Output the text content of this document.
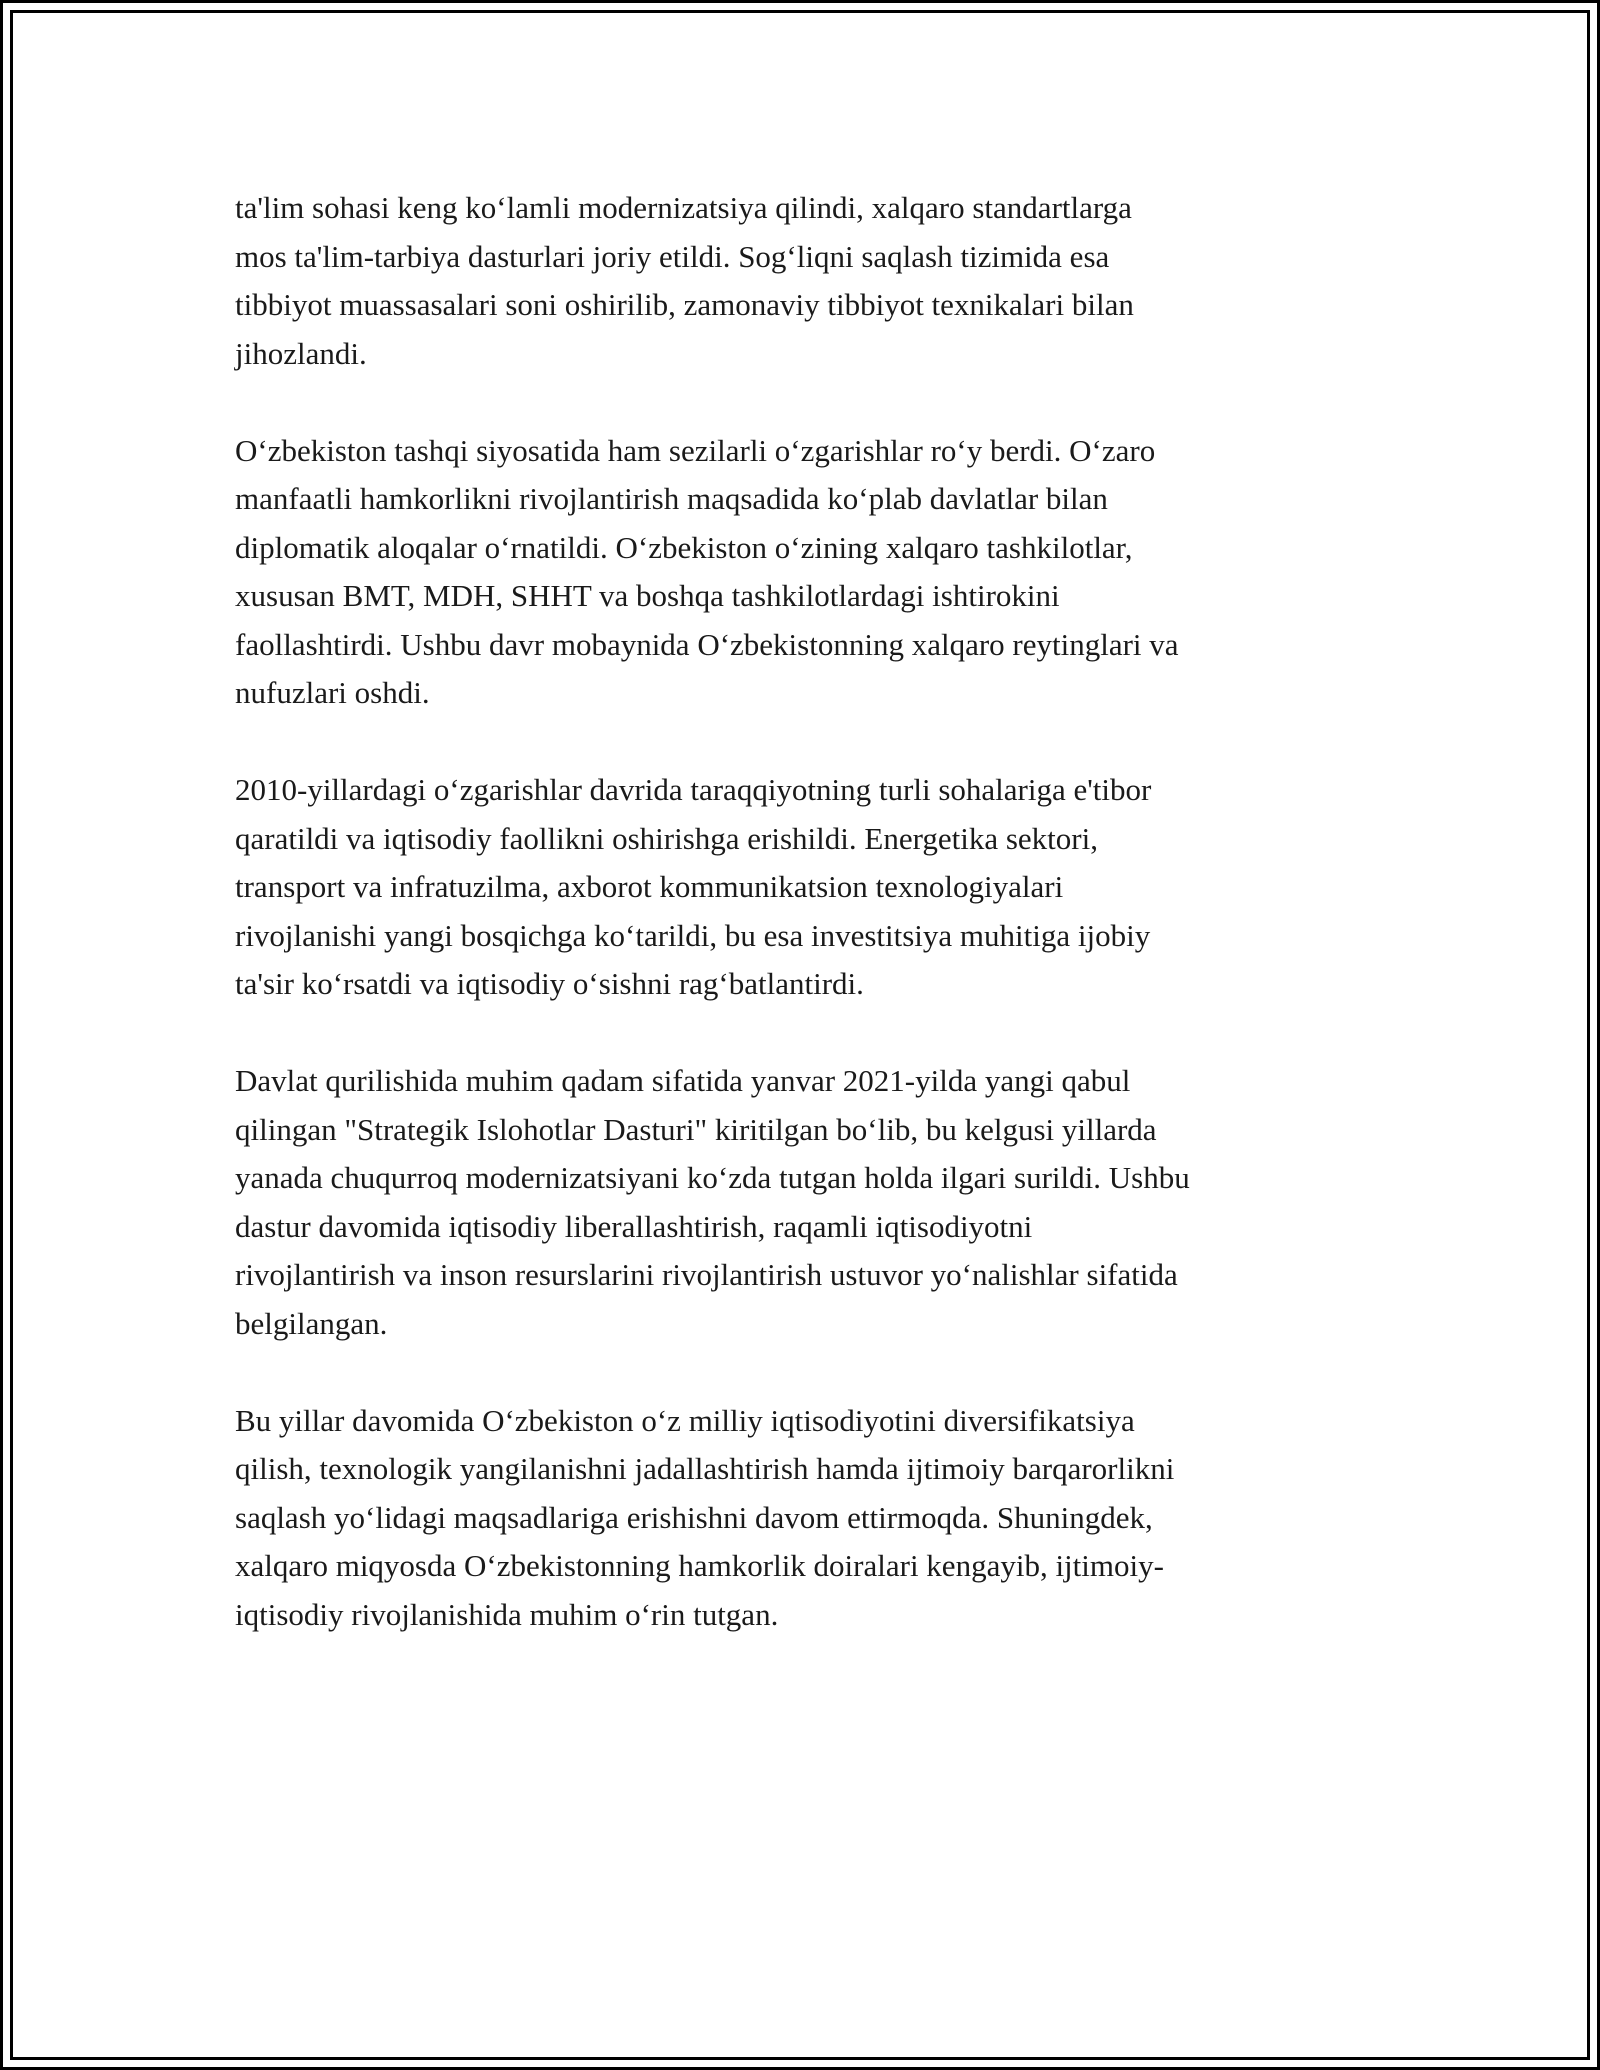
ta'lim sohasi keng koʻlamli modernizatsiya qilindi, xalqaro standartlarga
mos ta'lim-tarbiya dasturlari joriy etildi. Sogʻliqni saqlash tizimida esa
tibbiyot muassasalari soni oshirilib, zamonaviy tibbiyot texnikalari bilan
jihozlandi.

Oʻzbekiston tashqi siyosatida ham sezilarli oʻzgarishlar roʻy berdi. Oʻzaro
manfaatli hamkorlikni rivojlantirish maqsadida koʻplab davlatlar bilan
diplomatik aloqalar oʻrnatildi. Oʻzbekiston oʻzining xalqaro tashkilotlar,
xususan BMT, MDH, SHHT va boshqa tashkilotlardagi ishtirokini
faollashtirdi. Ushbu davr mobaynida Oʻzbekistonning xalqaro reytinglari va
nufuzlari oshdi.

2010-yillardagi oʻzgarishlar davrida taraqqiyotning turli sohalariga e'tibor
qaratildi va iqtisodiy faollikni oshirishga erishildi. Energetika sektori,
transport va infratuzilma, axborot kommunikatsion texnologiyalari
rivojlanishi yangi bosqichga koʻtarildi, bu esa investitsiya muhitiga ijobiy
ta'sir koʻrsatdi va iqtisodiy oʻsishni ragʻbatlantirdi.

Davlat qurilishida muhim qadam sifatida yanvar 2021-yilda yangi qabul
qilingan "Strategik Islohotlar Dasturi" kiritilgan boʻlib, bu kelgusi yillarda
yanada chuqurroq modernizatsiyani koʻzda tutgan holda ilgari surildi. Ushbu
dastur davomida iqtisodiy liberallashtirish, raqamli iqtisodiyotni
rivojlantirish va inson resurslarini rivojlantirish ustuvor yoʻnalishlar sifatida
belgilangan.

Bu yillar davomida Oʻzbekiston oʻz milliy iqtisodiyotini diversifikatsiya
qilish, texnologik yangilanishni jadallashtirish hamda ijtimoiy barqarorlikni
saqlash yoʻlidagi maqsadlariga erishishni davom ettirmoqda. Shuningdek,
xalqaro miqyosda Oʻzbekistonning hamkorlik doiralari kengayib, ijtimoiy-
iqtisodiy rivojlanishida muhim oʻrin tutgan.
